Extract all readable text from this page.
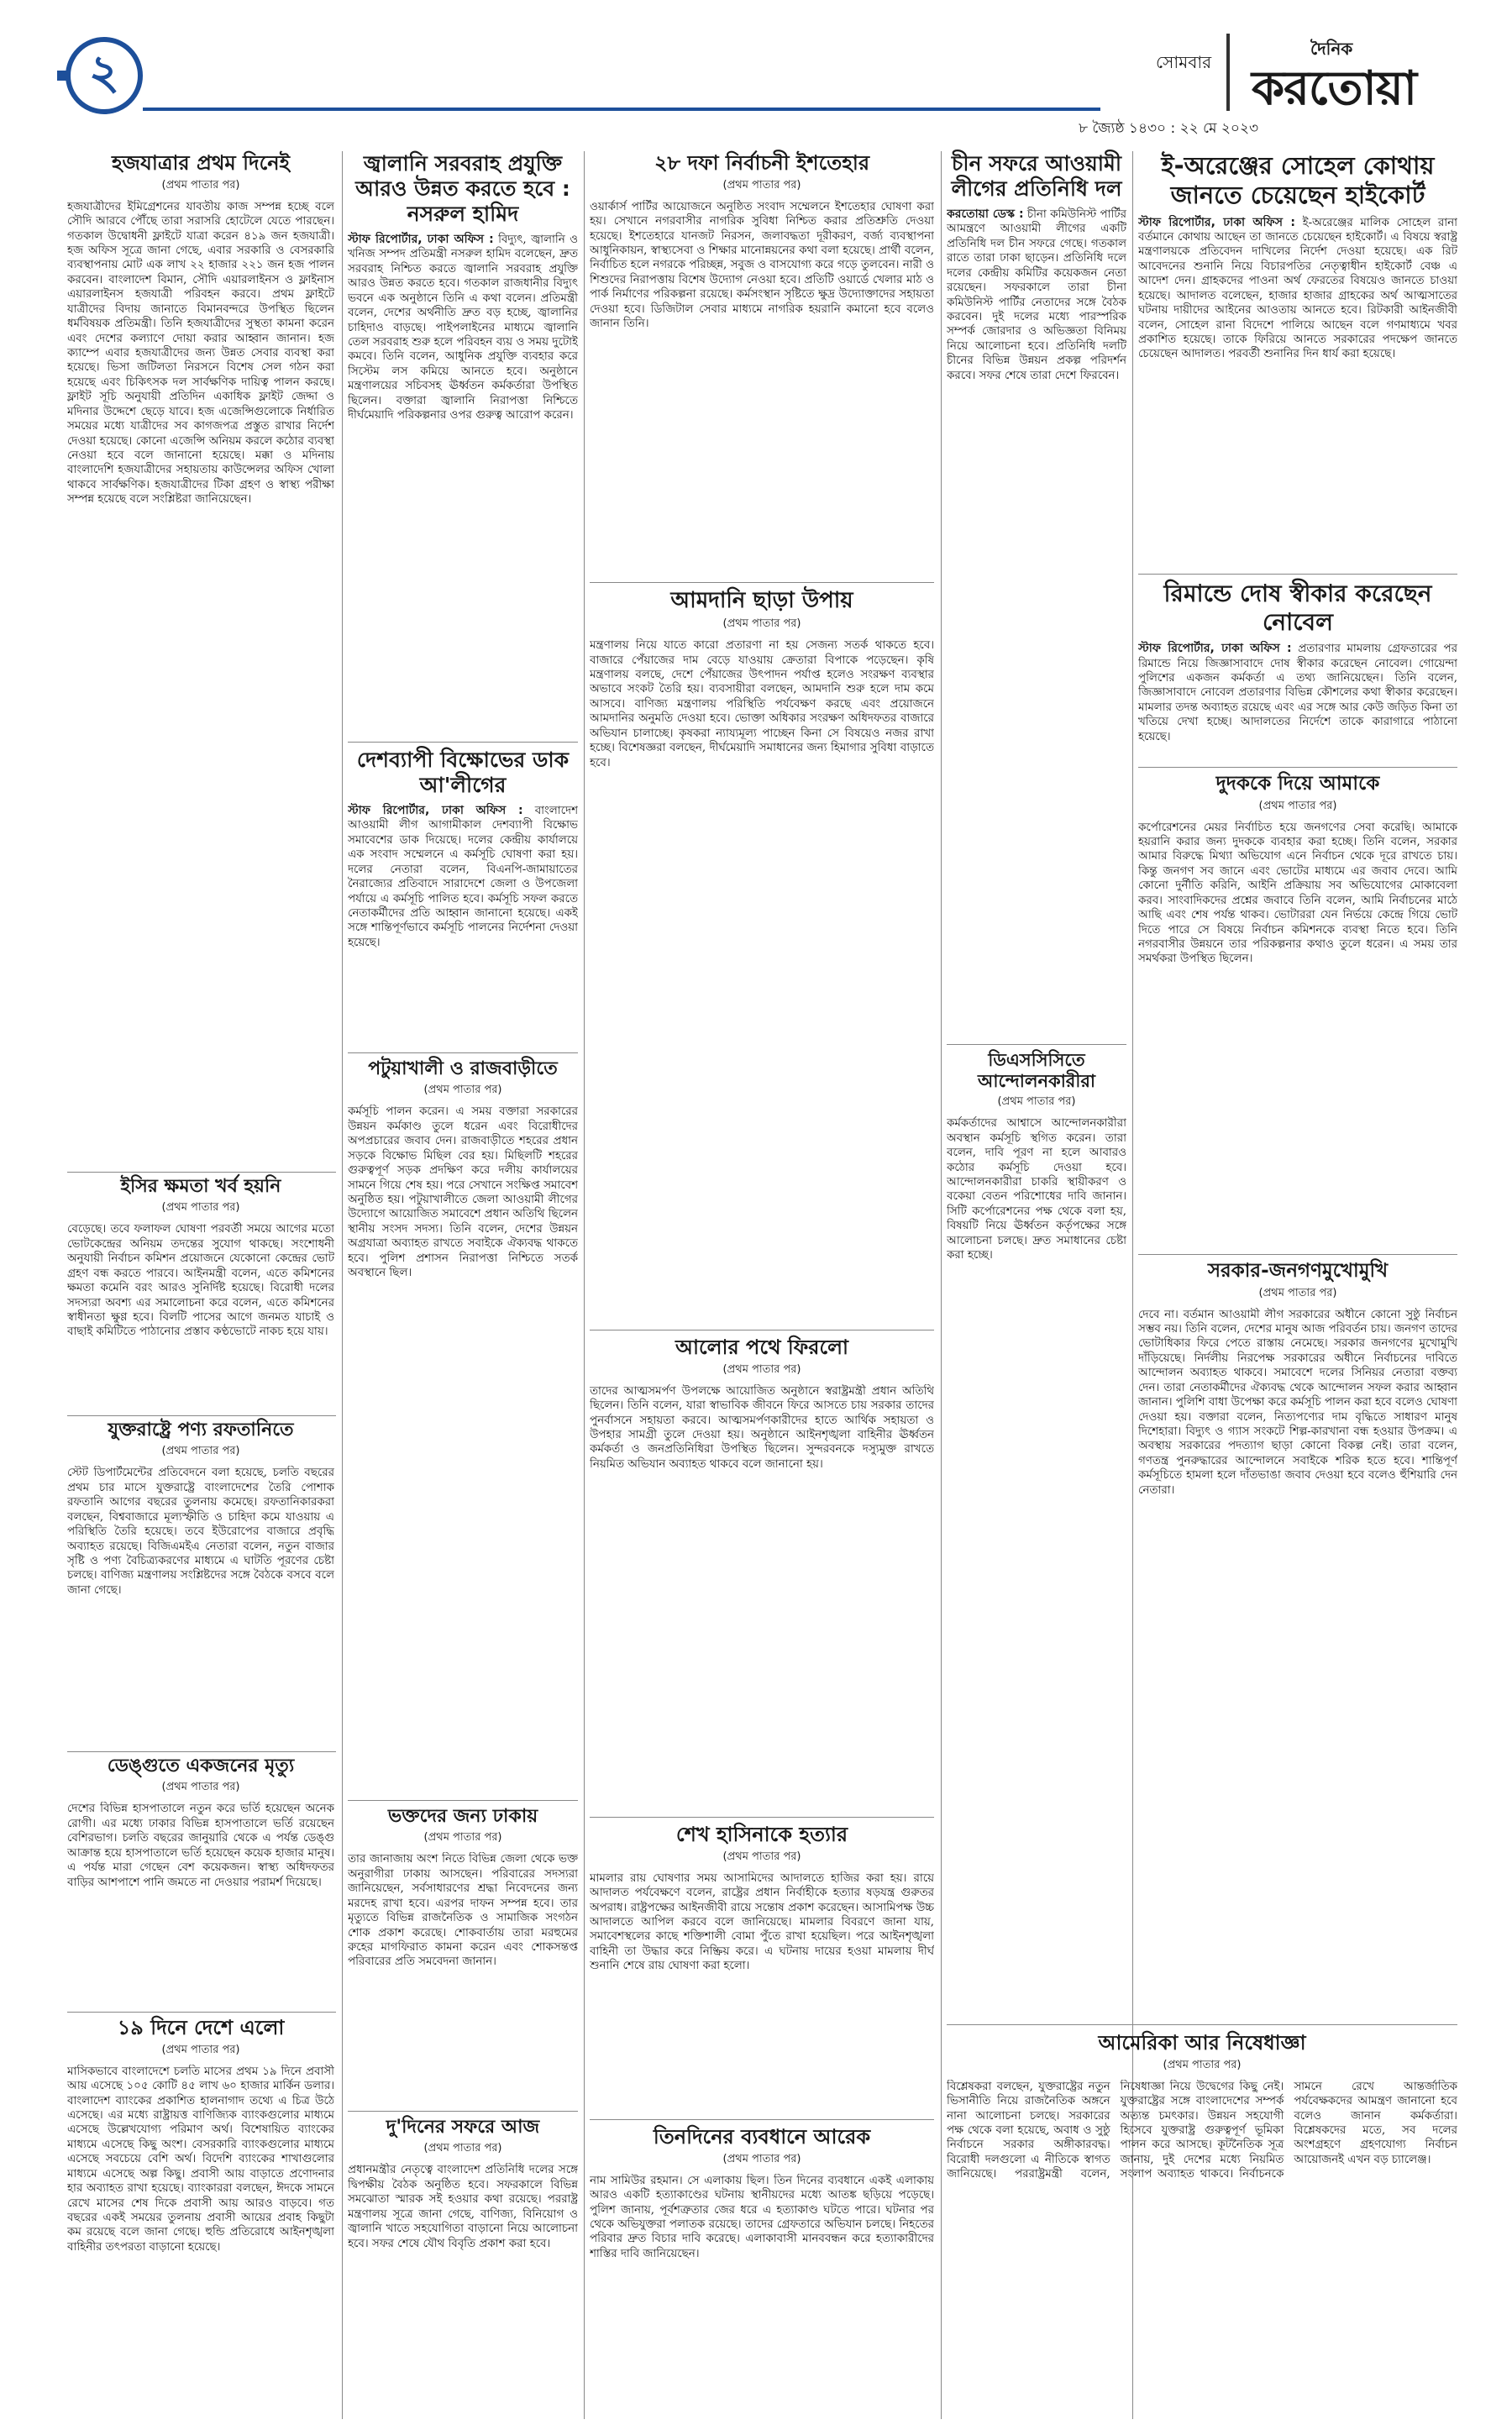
২	সোমবার
৮ জ্যৈষ্ঠ ১৪৩০ : ২২ মে ২০২৩
দৈনিক
করতোয়া
হজযাত্রার প্রথম দিনেই

(প্রথম পাতার পর)

হজযাত্রীদের ইমিগ্রেশনের যাবতীয় কাজ সম্পন্ন হচ্ছে বলে সৌদি আরবে পৌঁছে তারা সরাসরি হোটেলে যেতে পারছেন। গতকাল উদ্বোধনী ফ্লাইটে যাত্রা করেন ৪১৯ জন হজযাত্রী। হজ অফিস সূত্রে জানা গেছে, এবার সরকারি ও বেসরকারি ব্যবস্থাপনায় মোট এক লাখ ২২ হাজার ২২১ জন হজ পালন করবেন। বাংলাদেশ বিমান, সৌদি এয়ারলাইনস ও ফ্লাইনাস এয়ারলাইনস হজযাত্রী পরিবহন করবে। প্রথম ফ্লাইটে যাত্রীদের বিদায় জানাতে বিমানবন্দরে উপস্থিত ছিলেন ধর্মবিষয়ক প্রতিমন্ত্রী। তিনি হজযাত্রীদের সুস্থতা কামনা করেন এবং দেশের কল্যাণে দোয়া করার আহ্বান জানান। হজ ক্যাম্পে এবার হজযাত্রীদের জন্য উন্নত সেবার ব্যবস্থা করা হয়েছে। ভিসা জটিলতা নিরসনে বিশেষ সেল গঠন করা হয়েছে এবং চিকিৎসক দল সার্বক্ষণিক দায়িত্ব পালন করছে। ফ্লাইট সূচি অনুযায়ী প্রতিদিন একাধিক ফ্লাইট জেদ্দা ও মদিনার উদ্দেশে ছেড়ে যাবে। হজ এজেন্সিগুলোকে নির্ধারিত সময়ের মধ্যে যাত্রীদের সব কাগজপত্র প্রস্তুত রাখার নির্দেশ দেওয়া হয়েছে। কোনো এজেন্সি অনিয়ম করলে কঠোর ব্যবস্থা নেওয়া হবে বলে জানানো হয়েছে। মক্কা ও মদিনায় বাংলাদেশি হজযাত্রীদের সহায়তায় কাউন্সেলর অফিস খোলা থাকবে সার্বক্ষণিক। হজযাত্রীদের টিকা গ্রহণ ও স্বাস্থ্য পরীক্ষা সম্পন্ন হয়েছে বলে সংশ্লিষ্টরা জানিয়েছেন।

ইসির ক্ষমতা খর্ব হয়নি

(প্রথম পাতার পর)

বেড়েছে। তবে ফলাফল ঘোষণা পরবর্তী সময়ে আগের মতো ভোটকেন্দ্রের অনিয়ম তদন্তের সুযোগ থাকছে। সংশোধনী অনুযায়ী নির্বাচন কমিশন প্রয়োজনে যেকোনো কেন্দ্রের ভোট গ্রহণ বন্ধ করতে পারবে। আইনমন্ত্রী বলেন, এতে কমিশনের ক্ষমতা কমেনি বরং আরও সুনির্দিষ্ট হয়েছে। বিরোধী দলের সদস্যরা অবশ্য এর সমালোচনা করে বলেন, এতে কমিশনের স্বাধীনতা ক্ষুণ্ণ হবে। বিলটি পাসের আগে জনমত যাচাই ও বাছাই কমিটিতে পাঠানোর প্রস্তাব কণ্ঠভোটে নাকচ হয়ে যায়।

যুক্তরাষ্ট্রে পণ্য রফতানিতে

(প্রথম পাতার পর)

স্টেট ডিপার্টমেন্টের প্রতিবেদনে বলা হয়েছে, চলতি বছরের প্রথম চার মাসে যুক্তরাষ্ট্রে বাংলাদেশের তৈরি পোশাক রফতানি আগের বছরের তুলনায় কমেছে। রফতানিকারকরা বলছেন, বিশ্ববাজারে মূল্যস্ফীতি ও চাহিদা কমে যাওয়ায় এ পরিস্থিতি তৈরি হয়েছে। তবে ইউরোপের বাজারে প্রবৃদ্ধি অব্যাহত রয়েছে। বিজিএমইএ নেতারা বলেন, নতুন বাজার সৃষ্টি ও পণ্য বৈচিত্র্যকরণের মাধ্যমে এ ঘাটতি পূরণের চেষ্টা চলছে। বাণিজ্য মন্ত্রণালয় সংশ্লিষ্টদের সঙ্গে বৈঠকে বসবে বলে জানা গেছে।

ডেঙ্গুতে একজনের মৃত্যু

(প্রথম পাতার পর)

দেশের বিভিন্ন হাসপাতালে নতুন করে ভর্তি হয়েছেন অনেক রোগী। এর মধ্যে ঢাকার বিভিন্ন হাসপাতালে ভর্তি রয়েছেন বেশিরভাগ। চলতি বছরের জানুয়ারি থেকে এ পর্যন্ত ডেঙ্গু আক্রান্ত হয়ে হাসপাতালে ভর্তি হয়েছেন কয়েক হাজার মানুষ। এ পর্যন্ত মারা গেছেন বেশ কয়েকজন। স্বাস্থ্য অধিদফতর বাড়ির আশপাশে পানি জমতে না দেওয়ার পরামর্শ দিয়েছে।

১৯ দিনে দেশে এলো

(প্রথম পাতার পর)

মাসিকভাবে বাংলাদেশে চলতি মাসের প্রথম ১৯ দিনে প্রবাসী আয় এসেছে ১০৫ কোটি ৪৫ লাখ ৬০ হাজার মার্কিন ডলার। বাংলাদেশ ব্যাংকের প্রকাশিত হালনাগাদ তথ্যে এ চিত্র উঠে এসেছে। এর মধ্যে রাষ্ট্রায়ত্ত বাণিজ্যিক ব্যাংকগুলোর মাধ্যমে এসেছে উল্লেখযোগ্য পরিমাণ অর্থ। বিশেষায়িত ব্যাংকের মাধ্যমে এসেছে কিছু অংশ। বেসরকারি ব্যাংকগুলোর মাধ্যমে এসেছে সবচেয়ে বেশি অর্থ। বিদেশি ব্যাংকের শাখাগুলোর মাধ্যমে এসেছে অল্প কিছু। প্রবাসী আয় বাড়াতে প্রণোদনার হার অব্যাহত রাখা হয়েছে। ব্যাংকাররা বলছেন, ঈদকে সামনে রেখে মাসের শেষ দিকে প্রবাসী আয় আরও বাড়বে। গত বছরের একই সময়ের তুলনায় প্রবাসী আয়ের প্রবাহ কিছুটা কম রয়েছে বলে জানা গেছে। হুন্ডি প্রতিরোধে আইনশৃঙ্খলা বাহিনীর তৎপরতা বাড়ানো হয়েছে।

জ্বালানি সরবরাহ প্রযুক্তি আরও উন্নত করতে হবে : নসরুল হামিদ

স্টাফ রিপোর্টার, ঢাকা অফিস : বিদ্যুৎ, জ্বালানি ও খনিজ সম্পদ প্রতিমন্ত্রী নসরুল হামিদ বলেছেন, দ্রুত সরবরাহ নিশ্চিত করতে জ্বালানি সরবরাহ প্রযুক্তি আরও উন্নত করতে হবে। গতকাল রাজধানীর বিদ্যুৎ ভবনে এক অনুষ্ঠানে তিনি এ কথা বলেন। প্রতিমন্ত্রী বলেন, দেশের অর্থনীতি দ্রুত বড় হচ্ছে, জ্বালানির চাহিদাও বাড়ছে। পাইপলাইনের মাধ্যমে জ্বালানি তেল সরবরাহ শুরু হলে পরিবহন ব্যয় ও সময় দুটোই কমবে। তিনি বলেন, আধুনিক প্রযুক্তি ব্যবহার করে সিস্টেম লস কমিয়ে আনতে হবে। অনুষ্ঠানে মন্ত্রণালয়ের সচিবসহ ঊর্ধ্বতন কর্মকর্তারা উপস্থিত ছিলেন। বক্তারা জ্বালানি নিরাপত্তা নিশ্চিতে দীর্ঘমেয়াদি পরিকল্পনার ওপর গুরুত্ব আরোপ করেন।

দেশব্যাপী বিক্ষোভের ডাক আ'লীগের

স্টাফ রিপোর্টার, ঢাকা অফিস : বাংলাদেশ আওয়ামী লীগ আগামীকাল দেশব্যাপী বিক্ষোভ সমাবেশের ডাক দিয়েছে। দলের কেন্দ্রীয় কার্যালয়ে এক সংবাদ সম্মেলনে এ কর্মসূচি ঘোষণা করা হয়। দলের নেতারা বলেন, বিএনপি-জামায়াতের নৈরাজ্যের প্রতিবাদে সারাদেশে জেলা ও উপজেলা পর্যায়ে এ কর্মসূচি পালিত হবে। কর্মসূচি সফল করতে নেতাকর্মীদের প্রতি আহ্বান জানানো হয়েছে। একই সঙ্গে শান্তিপূর্ণভাবে কর্মসূচি পালনের নির্দেশনা দেওয়া হয়েছে।

পটুয়াখালী ও রাজবাড়ীতে

(প্রথম পাতার পর)

কর্মসূচি পালন করেন। এ সময় বক্তারা সরকারের উন্নয়ন কর্মকাণ্ড তুলে ধরেন এবং বিরোধীদের অপপ্রচারের জবাব দেন। রাজবাড়ীতে শহরের প্রধান সড়কে বিক্ষোভ মিছিল বের হয়। মিছিলটি শহরের গুরুত্বপূর্ণ সড়ক প্রদক্ষিণ করে দলীয় কার্যালয়ের সামনে গিয়ে শেষ হয়। পরে সেখানে সংক্ষিপ্ত সমাবেশ অনুষ্ঠিত হয়। পটুয়াখালীতে জেলা আওয়ামী লীগের উদ্যোগে আয়োজিত সমাবেশে প্রধান অতিথি ছিলেন স্থানীয় সংসদ সদস্য। তিনি বলেন, দেশের উন্নয়ন অগ্রযাত্রা অব্যাহত রাখতে সবাইকে ঐক্যবদ্ধ থাকতে হবে। পুলিশ প্রশাসন নিরাপত্তা নিশ্চিতে সতর্ক অবস্থানে ছিল।

ভক্তদের জন্য ঢাকায়

(প্রথম পাতার পর)

তার জানাজায় অংশ নিতে বিভিন্ন জেলা থেকে ভক্ত অনুরাগীরা ঢাকায় আসছেন। পরিবারের সদস্যরা জানিয়েছেন, সর্বসাধারণের শ্রদ্ধা নিবেদনের জন্য মরদেহ রাখা হবে। এরপর দাফন সম্পন্ন হবে। তার মৃত্যুতে বিভিন্ন রাজনৈতিক ও সামাজিক সংগঠন শোক প্রকাশ করেছে। শোকবার্তায় তারা মরহুমের রুহের মাগফিরাত কামনা করেন এবং শোকসন্তপ্ত পরিবারের প্রতি সমবেদনা জানান।

দু'দিনের সফরে আজ

(প্রথম পাতার পর)

প্রধানমন্ত্রীর নেতৃত্বে বাংলাদেশ প্রতিনিধি দলের সঙ্গে দ্বিপক্ষীয় বৈঠক অনুষ্ঠিত হবে। সফরকালে বিভিন্ন সমঝোতা স্মারক সই হওয়ার কথা রয়েছে। পররাষ্ট্র মন্ত্রণালয় সূত্রে জানা গেছে, বাণিজ্য, বিনিয়োগ ও জ্বালানি খাতে সহযোগিতা বাড়ানো নিয়ে আলোচনা হবে। সফর শেষে যৌথ বিবৃতি প্রকাশ করা হবে।

২৮ দফা নির্বাচনী ইশতেহার

(প্রথম পাতার পর)

ওয়ার্কার্স পার্টির আয়োজনে অনুষ্ঠিত সংবাদ সম্মেলনে ইশতেহার ঘোষণা করা হয়। সেখানে নগরবাসীর নাগরিক সুবিধা নিশ্চিত করার প্রতিশ্রুতি দেওয়া হয়েছে। ইশতেহারে যানজট নিরসন, জলাবদ্ধতা দূরীকরণ, বর্জ্য ব্যবস্থাপনা আধুনিকায়ন, স্বাস্থ্যসেবা ও শিক্ষার মানোন্নয়নের কথা বলা হয়েছে। প্রার্থী বলেন, নির্বাচিত হলে নগরকে পরিচ্ছন্ন, সবুজ ও বাসযোগ্য করে গড়ে তুলবেন। নারী ও শিশুদের নিরাপত্তায় বিশেষ উদ্যোগ নেওয়া হবে। প্রতিটি ওয়ার্ডে খেলার মাঠ ও পার্ক নির্মাণের পরিকল্পনা রয়েছে। কর্মসংস্থান সৃষ্টিতে ক্ষুদ্র উদ্যোক্তাদের সহায়তা দেওয়া হবে। ডিজিটাল সেবার মাধ্যমে নাগরিক হয়রানি কমানো হবে বলেও জানান তিনি।

আমদানি ছাড়া উপায়

(প্রথম পাতার পর)

মন্ত্রণালয় নিয়ে যাতে কারো প্রতারণা না হয় সেজন্য সতর্ক থাকতে হবে। বাজারে পেঁয়াজের দাম বেড়ে যাওয়ায় ক্রেতারা বিপাকে পড়েছেন। কৃষি মন্ত্রণালয় বলছে, দেশে পেঁয়াজের উৎপাদন পর্যাপ্ত হলেও সংরক্ষণ ব্যবস্থার অভাবে সংকট তৈরি হয়। ব্যবসায়ীরা বলছেন, আমদানি শুরু হলে দাম কমে আসবে। বাণিজ্য মন্ত্রণালয় পরিস্থিতি পর্যবেক্ষণ করছে এবং প্রয়োজনে আমদানির অনুমতি দেওয়া হবে। ভোক্তা অধিকার সংরক্ষণ অধিদফতর বাজারে অভিযান চালাচ্ছে। কৃষকরা ন্যায্যমূল্য পাচ্ছেন কিনা সে বিষয়েও নজর রাখা হচ্ছে। বিশেষজ্ঞরা বলছেন, দীর্ঘমেয়াদি সমাধানের জন্য হিমাগার সুবিধা বাড়াতে হবে।

আলোর পথে ফিরলো

(প্রথম পাতার পর)

তাদের আত্মসমর্পণ উপলক্ষে আয়োজিত অনুষ্ঠানে স্বরাষ্ট্রমন্ত্রী প্রধান অতিথি ছিলেন। তিনি বলেন, যারা স্বাভাবিক জীবনে ফিরে আসতে চায় সরকার তাদের পুনর্বাসনে সহায়তা করবে। আত্মসমর্পণকারীদের হাতে আর্থিক সহায়তা ও উপহার সামগ্রী তুলে দেওয়া হয়। অনুষ্ঠানে আইনশৃঙ্খলা বাহিনীর ঊর্ধ্বতন কর্মকর্তা ও জনপ্রতিনিধিরা উপস্থিত ছিলেন। সুন্দরবনকে দস্যুমুক্ত রাখতে নিয়মিত অভিযান অব্যাহত থাকবে বলে জানানো হয়।

শেখ হাসিনাকে হত্যার

(প্রথম পাতার পর)

মামলার রায় ঘোষণার সময় আসামিদের আদালতে হাজির করা হয়। রায়ে আদালত পর্যবেক্ষণে বলেন, রাষ্ট্রের প্রধান নির্বাহীকে হত্যার ষড়যন্ত্র গুরুতর অপরাধ। রাষ্ট্রপক্ষের আইনজীবী রায়ে সন্তোষ প্রকাশ করেছেন। আসামিপক্ষ উচ্চ আদালতে আপিল করবে বলে জানিয়েছে। মামলার বিবরণে জানা যায়, সমাবেশস্থলের কাছে শক্তিশালী বোমা পুঁতে রাখা হয়েছিল। পরে আইনশৃঙ্খলা বাহিনী তা উদ্ধার করে নিষ্ক্রিয় করে। এ ঘটনায় দায়ের হওয়া মামলায় দীর্ঘ শুনানি শেষে রায় ঘোষণা করা হলো।

তিনদিনের ব্যবধানে আরেক

(প্রথম পাতার পর)

নাম সামিউর রহমান। সে এলাকায় ছিল। তিন দিনের ব্যবধানে একই এলাকায় আরও একটি হত্যাকাণ্ডের ঘটনায় স্থানীয়দের মধ্যে আতঙ্ক ছড়িয়ে পড়েছে। পুলিশ জানায়, পূর্বশত্রুতার জের ধরে এ হত্যাকাণ্ড ঘটতে পারে। ঘটনার পর থেকে অভিযুক্তরা পলাতক রয়েছে। তাদের গ্রেফতারে অভিযান চলছে। নিহতের পরিবার দ্রুত বিচার দাবি করেছে। এলাকাবাসী মানববন্ধন করে হত্যাকারীদের শাস্তির দাবি জানিয়েছেন।

চীন সফরে আওয়ামী লীগের প্রতিনিধি দল

করতোয়া ডেস্ক : চীনা কমিউনিস্ট পার্টির আমন্ত্রণে আওয়ামী লীগের একটি প্রতিনিধি দল চীন সফরে গেছে। গতকাল রাতে তারা ঢাকা ছাড়েন। প্রতিনিধি দলে দলের কেন্দ্রীয় কমিটির কয়েকজন নেতা রয়েছেন। সফরকালে তারা চীনা কমিউনিস্ট পার্টির নেতাদের সঙ্গে বৈঠক করবেন। দুই দলের মধ্যে পারস্পরিক সম্পর্ক জোরদার ও অভিজ্ঞতা বিনিময় নিয়ে আলোচনা হবে। প্রতিনিধি দলটি চীনের বিভিন্ন উন্নয়ন প্রকল্প পরিদর্শন করবে। সফর শেষে তারা দেশে ফিরবেন।

ডিএসসিসিতে আন্দোলনকারীরা

(প্রথম পাতার পর)

কর্মকর্তাদের আশ্বাসে আন্দোলনকারীরা অবস্থান কর্মসূচি স্থগিত করেন। তারা বলেন, দাবি পূরণ না হলে আবারও কঠোর কর্মসূচি দেওয়া হবে। আন্দোলনকারীরা চাকরি স্থায়ীকরণ ও বকেয়া বেতন পরিশোধের দাবি জানান। সিটি কর্পোরেশনের পক্ষ থেকে বলা হয়, বিষয়টি নিয়ে ঊর্ধ্বতন কর্তৃপক্ষের সঙ্গে আলোচনা চলছে। দ্রুত সমাধানের চেষ্টা করা হচ্ছে।

ই-অরেঞ্জের সোহেল কোথায় জানতে চেয়েছেন হাইকোর্ট

স্টাফ রিপোর্টার, ঢাকা অফিস : ই-অরেঞ্জের মালিক সোহেল রানা বর্তমানে কোথায় আছেন তা জানতে চেয়েছেন হাইকোর্ট। এ বিষয়ে স্বরাষ্ট্র মন্ত্রণালয়কে প্রতিবেদন দাখিলের নির্দেশ দেওয়া হয়েছে। এক রিট আবেদনের শুনানি নিয়ে বিচারপতির নেতৃত্বাধীন হাইকোর্ট বেঞ্চ এ আদেশ দেন। গ্রাহকদের পাওনা অর্থ ফেরতের বিষয়েও জানতে চাওয়া হয়েছে। আদালত বলেছেন, হাজার হাজার গ্রাহকের অর্থ আত্মসাতের ঘটনায় দায়ীদের আইনের আওতায় আনতে হবে। রিটকারী আইনজীবী বলেন, সোহেল রানা বিদেশে পালিয়ে আছেন বলে গণমাধ্যমে খবর প্রকাশিত হয়েছে। তাকে ফিরিয়ে আনতে সরকারের পদক্ষেপ জানতে চেয়েছেন আদালত। পরবর্তী শুনানির দিন ধার্য করা হয়েছে।

রিমান্ডে দোষ স্বীকার করেছেন নোবেল

স্টাফ রিপোর্টার, ঢাকা অফিস : প্রতারণার মামলায় গ্রেফতারের পর রিমান্ডে নিয়ে জিজ্ঞাসাবাদে দোষ স্বীকার করেছেন নোবেল। গোয়েন্দা পুলিশের একজন কর্মকর্তা এ তথ্য জানিয়েছেন। তিনি বলেন, জিজ্ঞাসাবাদে নোবেল প্রতারণার বিভিন্ন কৌশলের কথা স্বীকার করেছেন। মামলার তদন্ত অব্যাহত রয়েছে এবং এর সঙ্গে আর কেউ জড়িত কিনা তা খতিয়ে দেখা হচ্ছে। আদালতের নির্দেশে তাকে কারাগারে পাঠানো হয়েছে।

দুদককে দিয়ে আমাকে

(প্রথম পাতার পর)

কর্পোরেশনের মেয়র নির্বাচিত হয়ে জনগণের সেবা করেছি। আমাকে হয়রানি করার জন্য দুদককে ব্যবহার করা হচ্ছে। তিনি বলেন, সরকার আমার বিরুদ্ধে মিথ্যা অভিযোগ এনে নির্বাচন থেকে দূরে রাখতে চায়। কিন্তু জনগণ সব জানে এবং ভোটের মাধ্যমে এর জবাব দেবে। আমি কোনো দুর্নীতি করিনি, আইনি প্রক্রিয়ায় সব অভিযোগের মোকাবেলা করব। সাংবাদিকদের প্রশ্নের জবাবে তিনি বলেন, আমি নির্বাচনের মাঠে আছি এবং শেষ পর্যন্ত থাকব। ভোটাররা যেন নির্ভয়ে কেন্দ্রে গিয়ে ভোট দিতে পারে সে বিষয়ে নির্বাচন কমিশনকে ব্যবস্থা নিতে হবে। তিনি নগরবাসীর উন্নয়নে তার পরিকল্পনার কথাও তুলে ধরেন। এ সময় তার সমর্থকরা উপস্থিত ছিলেন।

সরকার-জনগণমুখোমুখি

(প্রথম পাতার পর)

দেবে না। বর্তমান আওয়ামী লীগ সরকারের অধীনে কোনো সুষ্ঠু নির্বাচন সম্ভব নয়। তিনি বলেন, দেশের মানুষ আজ পরিবর্তন চায়। জনগণ তাদের ভোটাধিকার ফিরে পেতে রাস্তায় নেমেছে। সরকার জনগণের মুখোমুখি দাঁড়িয়েছে। নির্দলীয় নিরপেক্ষ সরকারের অধীনে নির্বাচনের দাবিতে আন্দোলন অব্যাহত থাকবে। সমাবেশে দলের সিনিয়র নেতারা বক্তব্য দেন। তারা নেতাকর্মীদের ঐক্যবদ্ধ থেকে আন্দোলন সফল করার আহ্বান জানান। পুলিশি বাধা উপেক্ষা করে কর্মসূচি পালন করা হবে বলেও ঘোষণা দেওয়া হয়। বক্তারা বলেন, নিত্যপণ্যের দাম বৃদ্ধিতে সাধারণ মানুষ দিশেহারা। বিদ্যুৎ ও গ্যাস সংকটে শিল্প-কারখানা বন্ধ হওয়ার উপক্রম। এ অবস্থায় সরকারের পদত্যাগ ছাড়া কোনো বিকল্প নেই। তারা বলেন, গণতন্ত্র পুনরুদ্ধারের আন্দোলনে সবাইকে শরিক হতে হবে। শান্তিপূর্ণ কর্মসূচিতে হামলা হলে দাঁতভাঙা জবাব দেওয়া হবে বলেও হুঁশিয়ারি দেন নেতারা।

আমেরিকা আর নিষেধাজ্ঞা

(প্রথম পাতার পর)

বিশ্লেষকরা বলছেন, যুক্তরাষ্ট্রের নতুন ভিসানীতি নিয়ে রাজনৈতিক অঙ্গনে নানা আলোচনা চলছে। সরকারের পক্ষ থেকে বলা হয়েছে, অবাধ ও সুষ্ঠু নির্বাচনে সরকার অঙ্গীকারবদ্ধ। বিরোধী দলগুলো এ নীতিকে স্বাগত জানিয়েছে। পররাষ্ট্রমন্ত্রী বলেন, নিষেধাজ্ঞা নিয়ে উদ্বেগের কিছু নেই। যুক্তরাষ্ট্রের সঙ্গে বাংলাদেশের সম্পর্ক অত্যন্ত চমৎকার। উন্নয়ন সহযোগী হিসেবে যুক্তরাষ্ট্র গুরুত্বপূর্ণ ভূমিকা পালন করে আসছে। কূটনৈতিক সূত্র জানায়, দুই দেশের মধ্যে নিয়মিত সংলাপ অব্যাহত থাকবে। নির্বাচনকে সামনে রেখে আন্তর্জাতিক পর্যবেক্ষকদের আমন্ত্রণ জানানো হবে বলেও জানান কর্মকর্তারা। বিশ্লেষকদের মতে, সব দলের অংশগ্রহণে গ্রহণযোগ্য নির্বাচন আয়োজনই এখন বড় চ্যালেঞ্জ।
